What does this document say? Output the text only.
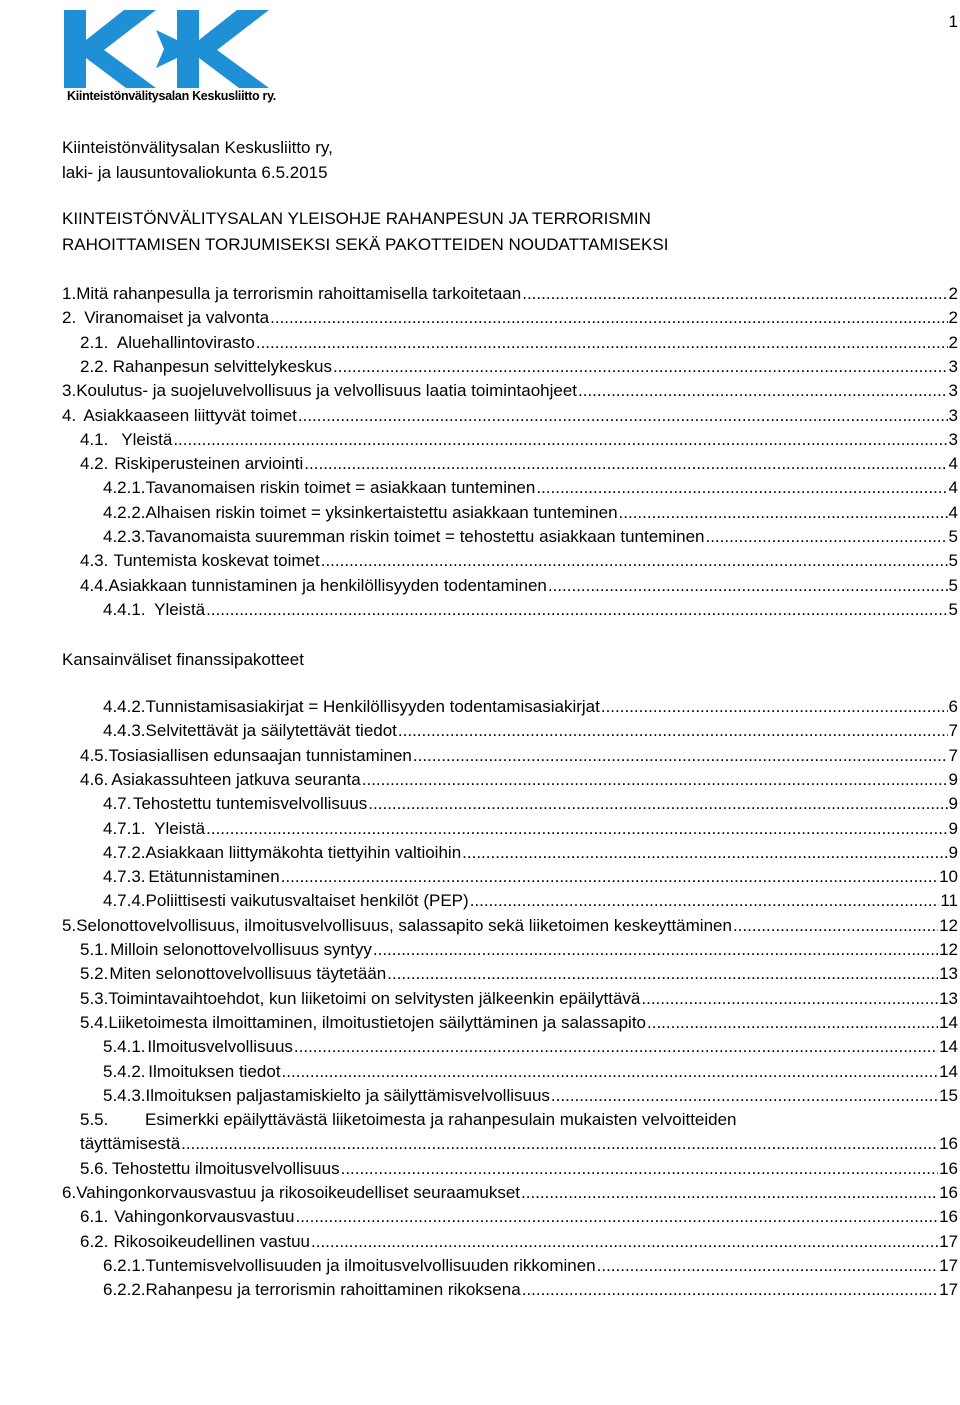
1
Kiinteistönvälitysalan Keskusliitto ry.
Kiinteistönvälitysalan Keskusliitto ry,
laki- ja lausuntovaliokunta 6.5.2015
KIINTEISTÖNVÄLITYSALAN YLEISOHJE RAHANPESUN JA TERRORISMIN
RAHOITTAMISEN TORJUMISEKSI SEKÄ PAKOTTEIDEN NOUDATTAMISEKSI
Kansainväliset finanssipakotteet
1. Mitä rahanpesulla ja terrorismin rahoittamisella tarkoitetaan .....	2
2. Viranomaiset ja valvonta .....	2
2.1. Aluehallintovirasto .....	2
2.2. Rahanpesun selvittelykeskus .....	3
3. Koulutus- ja suojeluvelvollisuus ja velvollisuus laatia toimintaohjeet .....	3
4. Asiakkaaseen liittyvät toimet .....	3
4.1. Yleistä .....	3
4.2. Riskiperusteinen arviointi .....	4
4.2.1. Tavanomaisen riskin toimet = asiakkaan tunteminen .....	4
4.2.2. Alhaisen riskin toimet = yksinkertaistettu asiakkaan tunteminen .....	4
4.2.3. Tavanomaista suuremman riskin toimet = tehostettu asiakkaan tunteminen .....	5
4.3. Tuntemista koskevat toimet .....	5
4.4. Asiakkaan tunnistaminen ja henkilöllisyyden todentaminen .....	5
4.4.1. Yleistä .....	5
4.4.2. Tunnistamisasiakirjat = Henkilöllisyyden todentamisasiakirjat .....	6
4.4.3. Selvitettävät ja säilytettävät tiedot .....	7
4.5. Tosiasiallisen edunsaajan tunnistaminen .....	7
4.6. Asiakassuhteen jatkuva seuranta .....	9
4.7. Tehostettu tuntemisvelvollisuus .....	9
4.7.1. Yleistä .....	9
4.7.2. Asiakkaan liittymäkohta tiettyihin valtioihin .....	9
4.7.3. Etätunnistaminen .....	10
4.7.4. Poliittisesti vaikutusvaltaiset henkilöt (PEP) .....	11
5. Selonottovelvollisuus, ilmoitusvelvollisuus, salassapito sekä liiketoimen keskeyttäminen .....	12
5.1. Milloin selonottovelvollisuus syntyy .....	12
5.2. Miten selonottovelvollisuus täytetään .....	13
5.3. Toimintavaihtoehdot, kun liiketoimi on selvitysten jälkeenkin epäilyttävä .....	13
5.4. Liiketoimesta ilmoittaminen, ilmoitustietojen säilyttäminen ja salassapito .....	14
5.4.1. Ilmoitusvelvollisuus .....	14
5.4.2. Ilmoituksen tiedot .....	14
5.4.3. Ilmoituksen paljastamiskielto ja säilyttämisvelvollisuus .....	15
5.5.	Esimerkki epäilyttävästä liiketoimesta ja rahanpesulain mukaisten velvoitteiden
täyttämisestä .....	16
5.6. Tehostettu ilmoitusvelvollisuus .....	16
6. Vahingonkorvausvastuu ja rikosoikeudelliset seuraamukset .....	16
6.1. Vahingonkorvausvastuu .....	16
6.2. Rikosoikeudellinen vastuu .....	17
6.2.1. Tuntemisvelvollisuuden ja ilmoitusvelvollisuuden rikkominen .....	17
6.2.2. Rahanpesu ja terrorismin rahoittaminen rikoksena .....	17
